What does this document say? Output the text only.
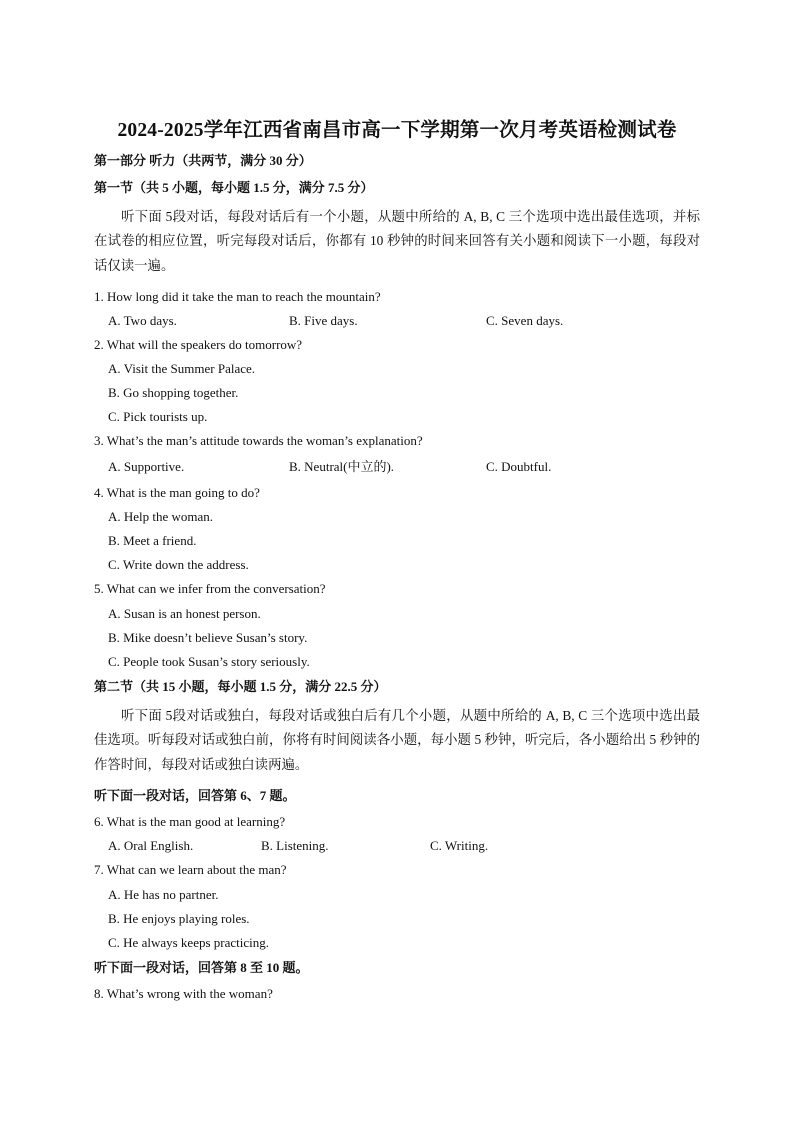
2024-2025学年江西省南昌市高一下学期第一次月考英语检测试卷
第一部分 听力（共两节，满分 30 分）
第一节（共 5 小题，每小题 1.5 分，满分 7.5 分）
听下面 5段对话，每段对话后有一个小题，从题中所给的 A, B, C 三个选项中选出最佳选项，并标在试卷的相应位置，听完每段对话后，你都有 10 秒钟的时间来回答有关小题和阅读下一小题，每段对话仅读一遍。
1. How long did it take the man to reach the mountain?
A. Two days.	B. Five days.	C. Seven days.
2. What will the speakers do tomorrow?
A. Visit the Summer Palace.
B. Go shopping together.
C. Pick tourists up.
3. What’s the man’s attitude towards the woman’s explanation?
A. Supportive.	B. Neutral(中立的).	C. Doubtful.
4. What is the man going to do?
A. Help the woman.
B. Meet a friend.
C. Write down the address.
5. What can we infer from the conversation?
A. Susan is an honest person.
B. Mike doesn’t believe Susan’s story.
C. People took Susan’s story seriously.
第二节（共 15 小题，每小题 1.5 分，满分 22.5 分）
听下面 5段对话或独白，每段对话或独白后有几个小题，从题中所给的 A, B, C 三个选项中选出最佳选项。听每段对话或独白前，你将有时间阅读各小题，每小题 5 秒钟，听完后，各小题给出 5 秒钟的作答时间，每段对话或独白读两遍。
听下面一段对话，回答第 6、7 题。
6. What is the man good at learning?
A. Oral English.	B. Listening.	C. Writing.
7. What can we learn about the man?
A. He has no partner.
B. He enjoys playing roles.
C. He always keeps practicing.
听下面一段对话，回答第 8 至 10 题。
8. What’s wrong with the woman?
